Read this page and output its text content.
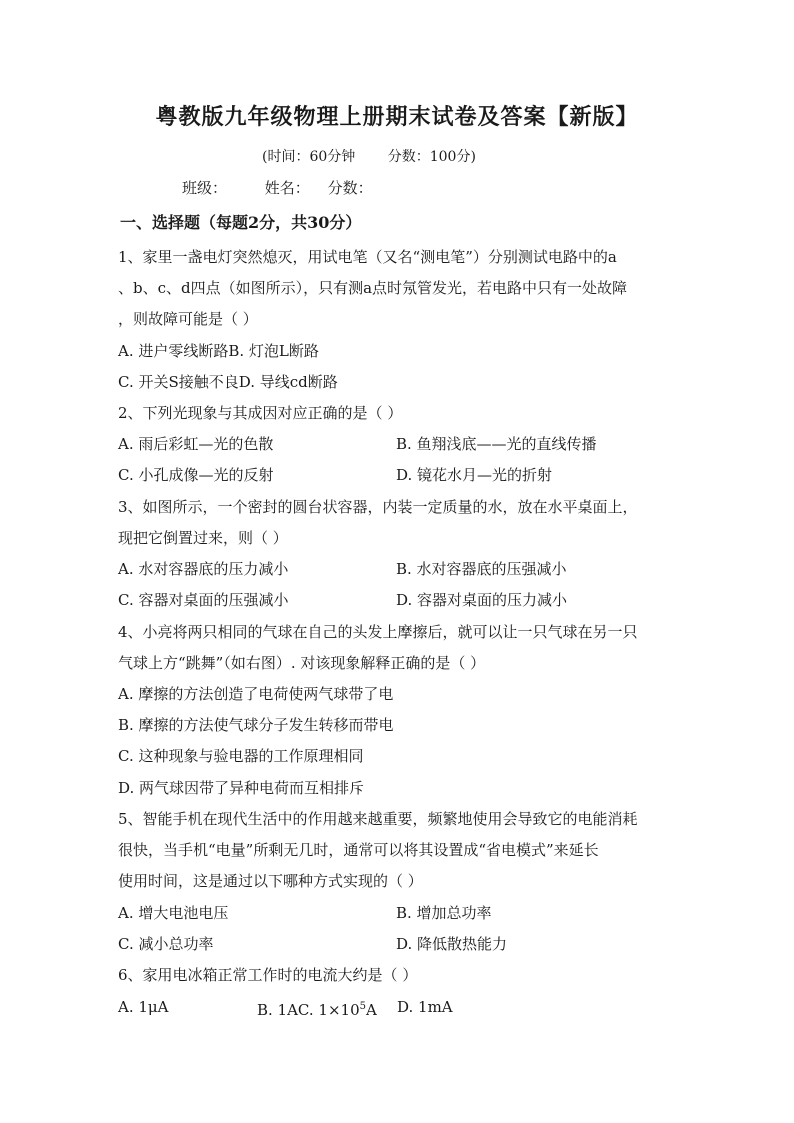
粤教版九年级物理上册期末试卷及答案【新版】
(时间：60分钟 分数：100分)
班级：	姓名： 分数：
一、选择题（每题2分，共30分）
1、家里一盏电灯突然熄灭，用试电笔（又名“测电笔”）分别测试电路中的a
、b、c、d四点（如图所示），只有测a点时氖管发光，若电路中只有一处故障
，则故障可能是（ ）
A. 进户零线断路B. 灯泡L断路
C. 开关S接触不良D. 导线cd断路
2、下列光现象与其成因对应正确的是（ ）
A. 雨后彩虹—光的色散	B. 鱼翔浅底——光的直线传播
C. 小孔成像—光的反射	D. 镜花水月—光的折射
3、如图所示，一个密封的圆台状容器，内装一定质量的水，放在水平桌面上，
现把它倒置过来，则（ ）
A. 水对容器底的压力减小	B. 水对容器底的压强减小
C. 容器对桌面的压强减小	D. 容器对桌面的压力减小
4、小亮将两只相同的气球在自己的头发上摩擦后，就可以让一只气球在另一只
气球上方“跳舞”（如右图）. 对该现象解释正确的是（ ）
A. 摩擦的方法创造了电荷使两气球带了电
B. 摩擦的方法使气球分子发生转移而带电
C. 这种现象与验电器的工作原理相同
D. 两气球因带了异种电荷而互相排斥
5、智能手机在现代生活中的作用越来越重要，频繁地使用会导致它的电能消耗
很快，当手机“电量”所剩无几时，通常可以将其设置成“省电模式”来延长
使用时间，这是通过以下哪种方式实现的（ ）
A. 增大电池电压	B. 增加总功率
C. 减小总功率	D. 降低散热能力
6、家用电冰箱正常工作时的电流大约是（ ）
A. 1μA	B. 1AC. $1\times 10^5A$ D. 1mA
